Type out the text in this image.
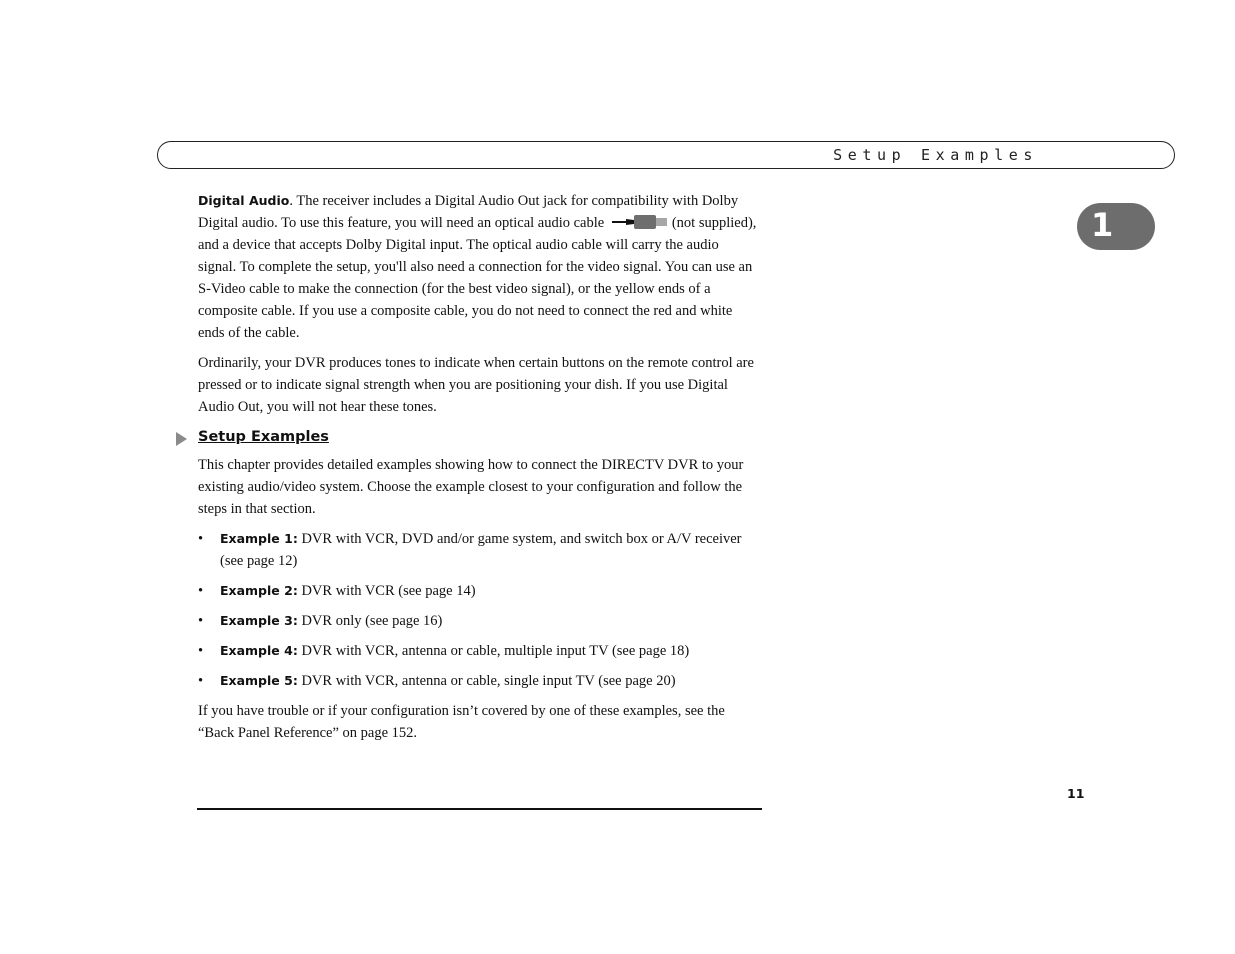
Setup Examples
1

Digital Audio. The receiver includes a Digital Audio Out jack for compatibility with Dolby Digital audio. To use this feature, you will need an optical audio cable	(not supplied), and a device that accepts Dolby Digital input. The optical audio cable will carry the audio signal. To complete the setup, you'll also need a connection for the video signal. You can use an S-Video cable to make the connection (for the best video signal), or the yellow ends of a composite cable. If you use a composite cable, you do not need to connect the red and white ends of the cable.

Ordinarily, your DVR produces tones to indicate when certain buttons on the remote control are pressed or to indicate signal strength when you are positioning your dish. If you use Digital Audio Out, you will not hear these tones.

Setup Examples

This chapter provides detailed examples showing how to connect the DIRECTV DVR to your existing audio/video system. Choose the example closest to your configuration and follow the steps in that section.

• Example 1: DVR with VCR, DVD and/or game system, and switch box or A/V receiver (see page 12)
• Example 2: DVR with VCR (see page 14)
• Example 3: DVR only (see page 16)
• Example 4: DVR with VCR, antenna or cable, multiple input TV (see page 18)
• Example 5: DVR with VCR, antenna or cable, single input TV (see page 20)

If you have trouble or if your configuration isn’t covered by one of these examples, see the “Back Panel Reference” on page 152.

11
